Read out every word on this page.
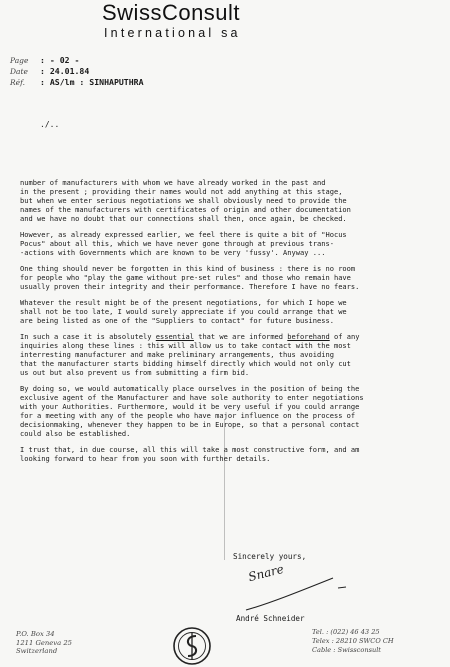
SwissConsult
International sa
Page : - 02 -
Date : 24.01.84
Réf. : AS/lm : SINHAPUTHRA
./..

number of manufacturers with whom we have already worked in the past and
in the present ; providing their names would not add anything at this stage,
but when we enter serious negotiations we shall obviously need to provide the
names of the manufacturers with certificates of origin and other documentation
and we have no doubt that our connections shall then, once again, be checked.

However, as already expressed earlier, we feel there is quite a bit of "Hocus
Pocus" about all this, which we have never gone through at previous trans-
-actions with Governments which are known to be very 'fussy'. Anyway ...

One thing should never be forgotten in this kind of business : there is no room
for people who "play the game without pre-set rules" and those who remain have
usually proven their integrity and their performance. Therefore I have no fears.

Whatever the result might be of the present negotiations, for which I hope we
shall not be too late, I would surely appreciate if you could arrange that we
are being listed as one of the "Suppliers to contact" for future business.

In such a case it is absolutely essential that we are informed beforehand of any
inquiries along these lines : this will allow us to take contact with the most
interresting manufacturer and make preliminary arrangements, thus avoiding
that the manufacturer starts bidding himself directly which would not only cut
us out but also prevent us from submitting a firm bid.

By doing so, we would automatically place ourselves in the position of being the
exclusive agent of the Manufacturer and have sole authority to enter negotiations
with your Authorities. Furthermore, would it be very useful if you could arrange
for a meeting with any of the people who have major influence on the process of
decisionmaking, whenever they happen to be in Europe, so that a personal contact
could also be established.

I trust that, in due course, all this will take a most constructive form, and am
looking forward to hear from you soon with further details.

Sincerely yours,
Snare
André Schneider
P.O. Box 34
1211 Geneva 25
Switzerland
Tel. : (022) 46 43 25
Telex : 28210 SWCO CH
Cable : Swissconsult
